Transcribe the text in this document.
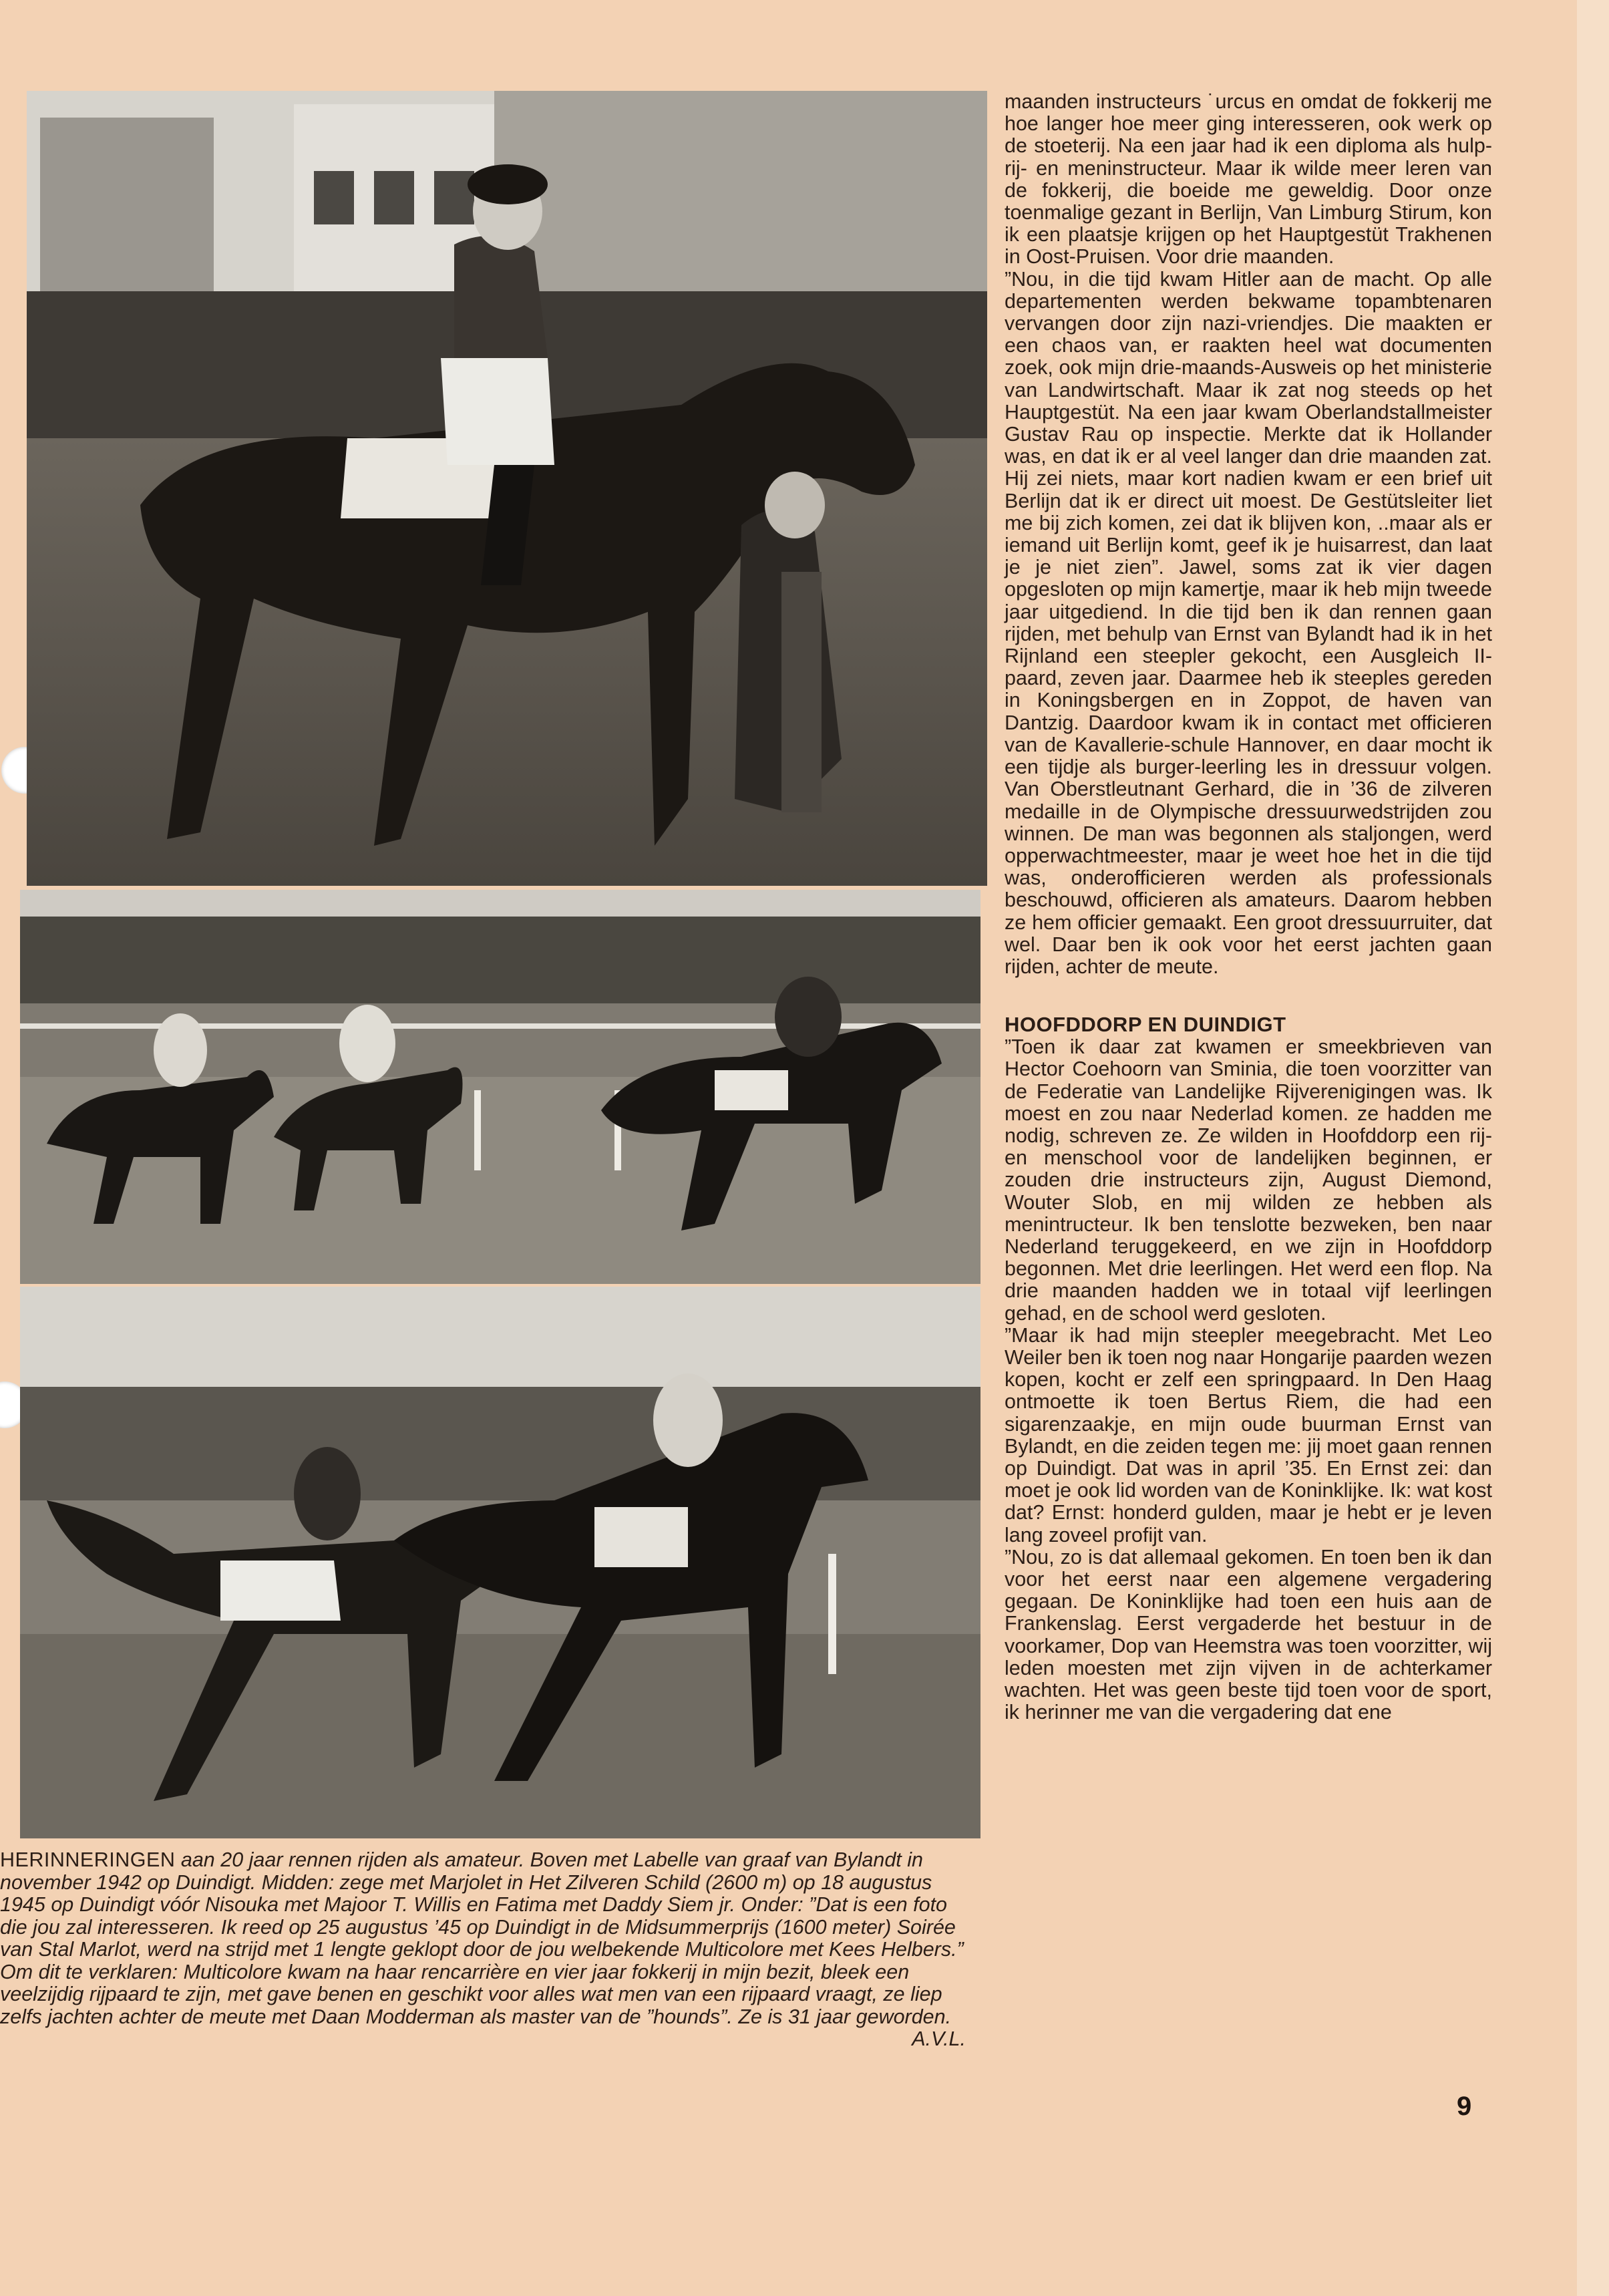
maanden instructeurs ˙urcus en omdat de fokkerij me hoe langer hoe meer ging interesseren, ook werk op de stoeterij. Na een jaar had ik een diploma als hulp-rij- en meninstructeur. Maar ik wilde meer leren van de fokkerij, die boeide me geweldig. Door onze toenmalige gezant in Berlijn, Van Limburg Stirum, kon ik een plaatsje krijgen op het Hauptgestüt Trakhenen in Oost-Pruisen. Voor drie maanden.

”Nou, in die tijd kwam Hitler aan de macht. Op alle departementen werden bekwame topambtenaren vervangen door zijn nazi-vriendjes. Die maakten er een chaos van, er raakten heel wat documenten zoek, ook mijn drie-maands-Ausweis op het ministerie van Landwirtschaft. Maar ik zat nog steeds op het Hauptgestüt. Na een jaar kwam Oberlandstallmeister Gustav Rau op inspectie. Merkte dat ik Hollander was, en dat ik er al veel langer dan drie maanden zat. Hij zei niets, maar kort nadien kwam er een brief uit Berlijn dat ik er direct uit moest. De Gestütsleiter liet me bij zich komen, zei dat ik blijven kon, ..maar als er iemand uit Berlijn komt, geef ik je huisarrest, dan laat je je niet zien”. Jawel, soms zat ik vier dagen opgesloten op mijn kamertje, maar ik heb mijn tweede jaar uitgediend. In die tijd ben ik dan rennen gaan rijden, met behulp van Ernst van Bylandt had ik in het Rijnland een steepler gekocht, een Ausgleich II-paard, zeven jaar. Daarmee heb ik steeples gereden in Koningsbergen en in Zoppot, de haven van Dantzig. Daardoor kwam ik in contact met officieren van de Kavallerie-schule Hannover, en daar mocht ik een tijdje als burger-leerling les in dressuur volgen. Van Oberstleutnant Gerhard, die in ’36 de zilveren medaille in de Olympische dressuurwedstrijden zou winnen. De man was begonnen als staljongen, werd opperwachtmeester, maar je weet hoe het in die tijd was, onderofficieren werden als professionals beschouwd, officieren als amateurs. Daarom hebben ze hem officier gemaakt. Een groot dressuurruiter, dat wel. Daar ben ik ook voor het eerst jachten gaan rijden, achter de meute.

HOOFDDORP EN DUINDIGT

”Toen ik daar zat kwamen er smeekbrieven van Hector Coehoorn van Sminia, die toen voorzitter van de Federatie van Landelijke Rijverenigingen was. Ik moest en zou naar Nederlad komen. ze hadden me nodig, schreven ze. Ze wilden in Hoofddorp een rij- en menschool voor de landelijken beginnen, er zouden drie instructeurs zijn, August Diemond, Wouter Slob, en mij wilden ze hebben als menintructeur. Ik ben tenslotte bezweken, ben naar Nederland teruggekeerd, en we zijn in Hoofddorp begonnen. Met drie leerlingen. Het werd een flop. Na drie maanden hadden we in totaal vijf leerlingen gehad, en de school werd gesloten.

”Maar ik had mijn steepler meegebracht. Met Leo Weiler ben ik toen nog naar Hongarije paarden wezen kopen, kocht er zelf een springpaard. In Den Haag ontmoette ik toen Bertus Riem, die had een sigarenzaakje, en mijn oude buurman Ernst van Bylandt, en die zeiden tegen me: jij moet gaan rennen op Duindigt. Dat was in april ’35. En Ernst zei: dan moet je ook lid worden van de Koninklijke. Ik: wat kost dat? Ernst: honderd gulden, maar je hebt er je leven lang zoveel profijt van.

”Nou, zo is dat allemaal gekomen. En toen ben ik dan voor het eerst naar een algemene vergadering gegaan. De Koninklijke had toen een huis aan de Frankenslag. Eerst vergaderde het bestuur in de voorkamer, Dop van Heemstra was toen voorzitter, wij leden moesten met zijn vijven in de achterkamer wachten. Het was geen beste tijd toen voor de sport, ik herinner me van die vergadering dat ene

HERINNERINGEN aan 20 jaar rennen rijden als amateur. Boven met Labelle van graaf van Bylandt in november 1942 op Duindigt. Midden: zege met Marjolet in Het Zilveren Schild (2600 m) op 18 augustus 1945 op Duindigt vóór Nisouka met Majoor T. Willis en Fatima met Daddy Siem jr. Onder: ”Dat is een foto die jou zal interesseren. Ik reed op 25 augustus ’45 op Duindigt in de Midsummerprijs (1600 meter) Soirée van Stal Marlot, werd na strijd met 1 lengte geklopt door de jou welbekende Multicolore met Kees Helbers.” Om dit te verklaren: Multicolore kwam na haar rencarrière en vier jaar fokkerij in mijn bezit, bleek een veelzijdig rijpaard te zijn, met gave benen en geschikt voor alles wat men van een rijpaard vraagt, ze liep zelfs jachten achter de meute met Daan Modderman als master van de ”hounds”. Ze is 31 jaar geworden.
A.V.L.
9
